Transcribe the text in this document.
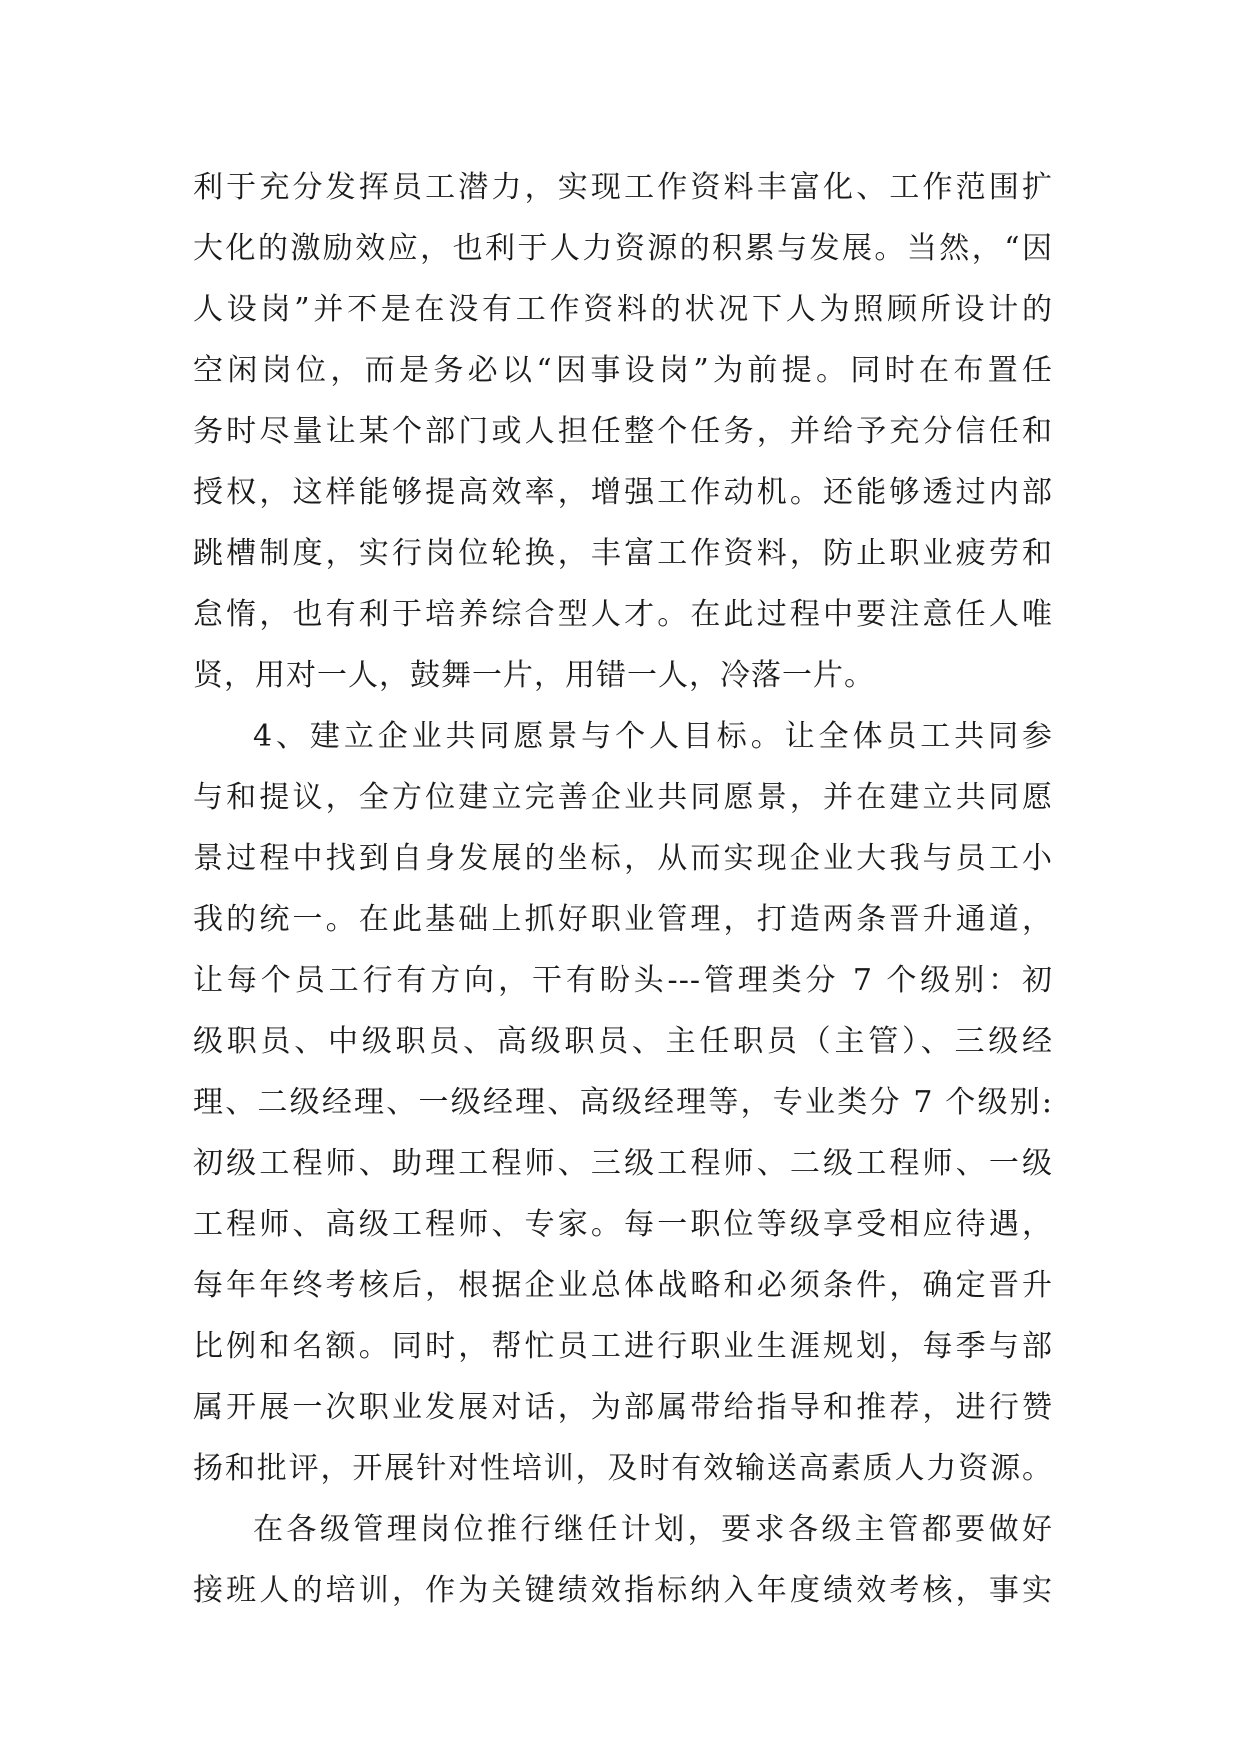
利于充分发挥员工潜力，实现工作资料丰富化、工作范围扩
大化的激励效应，也利于人力资源的积累与发展。当然，“因
人设岗”并不是在没有工作资料的状况下人为照顾所设计的
空闲岗位，而是务必以“因事设岗”为前提。同时在布置任
务时尽量让某个部门或人担任整个任务，并给予充分信任和
授权，这样能够提高效率，增强工作动机。还能够透过内部
跳槽制度，实行岗位轮换，丰富工作资料，防止职业疲劳和
怠惰，也有利于培养综合型人才。在此过程中要注意任人唯
贤，用对一人，鼓舞一片，用错一人，冷落一片。
4、建立企业共同愿景与个人目标。让全体员工共同参
与和提议，全方位建立完善企业共同愿景，并在建立共同愿
景过程中找到自身发展的坐标，从而实现企业大我与员工小
我的统一。在此基础上抓好职业管理，打造两条晋升通道，
让每个员工行有方向，干有盼头---管理类分 7 个级别：初
级职员、中级职员、高级职员、主任职员（主管）、三级经
理、二级经理、一级经理、高级经理等，专业类分 7 个级别:
初级工程师、助理工程师、三级工程师、二级工程师、一级
工程师、高级工程师、专家。每一职位等级享受相应待遇，
每年年终考核后，根据企业总体战略和必须条件，确定晋升
比例和名额。同时，帮忙员工进行职业生涯规划，每季与部
属开展一次职业发展对话，为部属带给指导和推荐，进行赞
扬和批评，开展针对性培训，及时有效输送高素质人力资源。
在各级管理岗位推行继任计划，要求各级主管都要做好
接班人的培训，作为关键绩效指标纳入年度绩效考核，事实
